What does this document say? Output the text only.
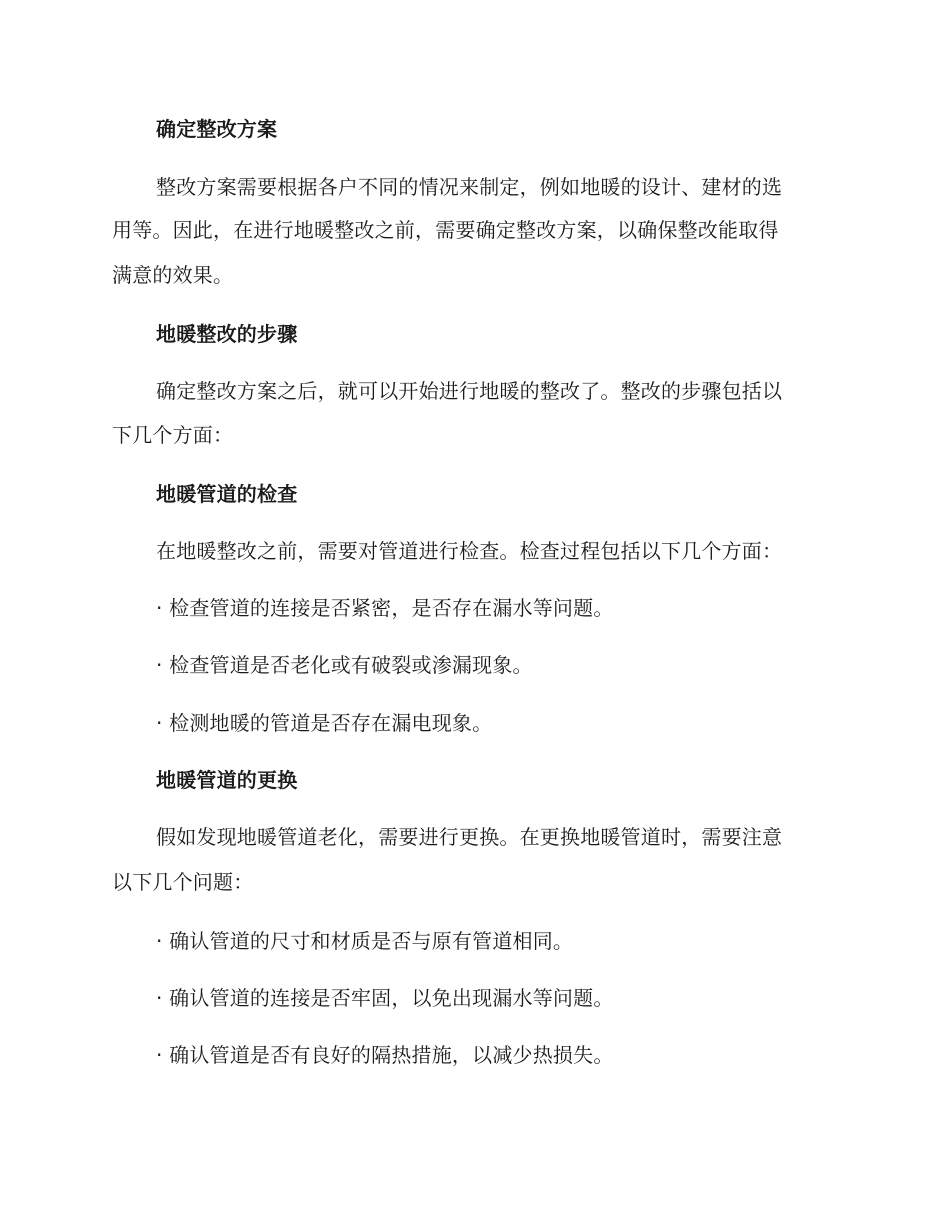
确定整改方案
整改方案需要根据各户不同的情况来制定，例如地暖的设计、建材的选
用等。因此，在进行地暖整改之前，需要确定整改方案，以确保整改能取得
满意的效果。
地暖整改的步骤
确定整改方案之后，就可以开始进行地暖的整改了。整改的步骤包括以
下几个方面：
地暖管道的检查
在地暖整改之前，需要对管道进行检查。检查过程包括以下几个方面：
· 检查管道的连接是否紧密，是否存在漏水等问题。
· 检查管道是否老化或有破裂或渗漏现象。
· 检测地暖的管道是否存在漏电现象。
地暖管道的更换
假如发现地暖管道老化，需要进行更换。在更换地暖管道时，需要注意
以下几个问题：
· 确认管道的尺寸和材质是否与原有管道相同。
· 确认管道的连接是否牢固，以免出现漏水等问题。
· 确认管道是否有良好的隔热措施，以减少热损失。
